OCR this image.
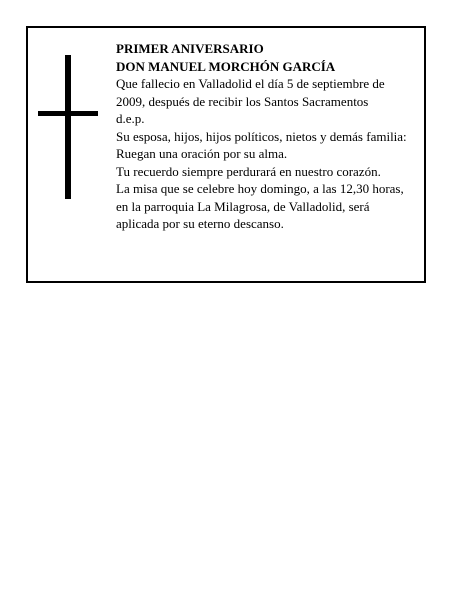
PRIMER ANIVERSARIO
DON MANUEL MORCHÓN GARCÍA
Que fallecio en Valladolid el día 5 de septiembre de
2009, después de recibir los Santos Sacramentos
d.e.p.
Su esposa, hijos, hijos políticos, nietos y demás familia:
Ruegan una oración por su alma.
Tu recuerdo siempre perdurará en nuestro corazón.
La misa que se celebre hoy domingo, a las 12,30 horas,
en la parroquia La Milagrosa, de Valladolid, será
aplicada por su eterno descanso.
